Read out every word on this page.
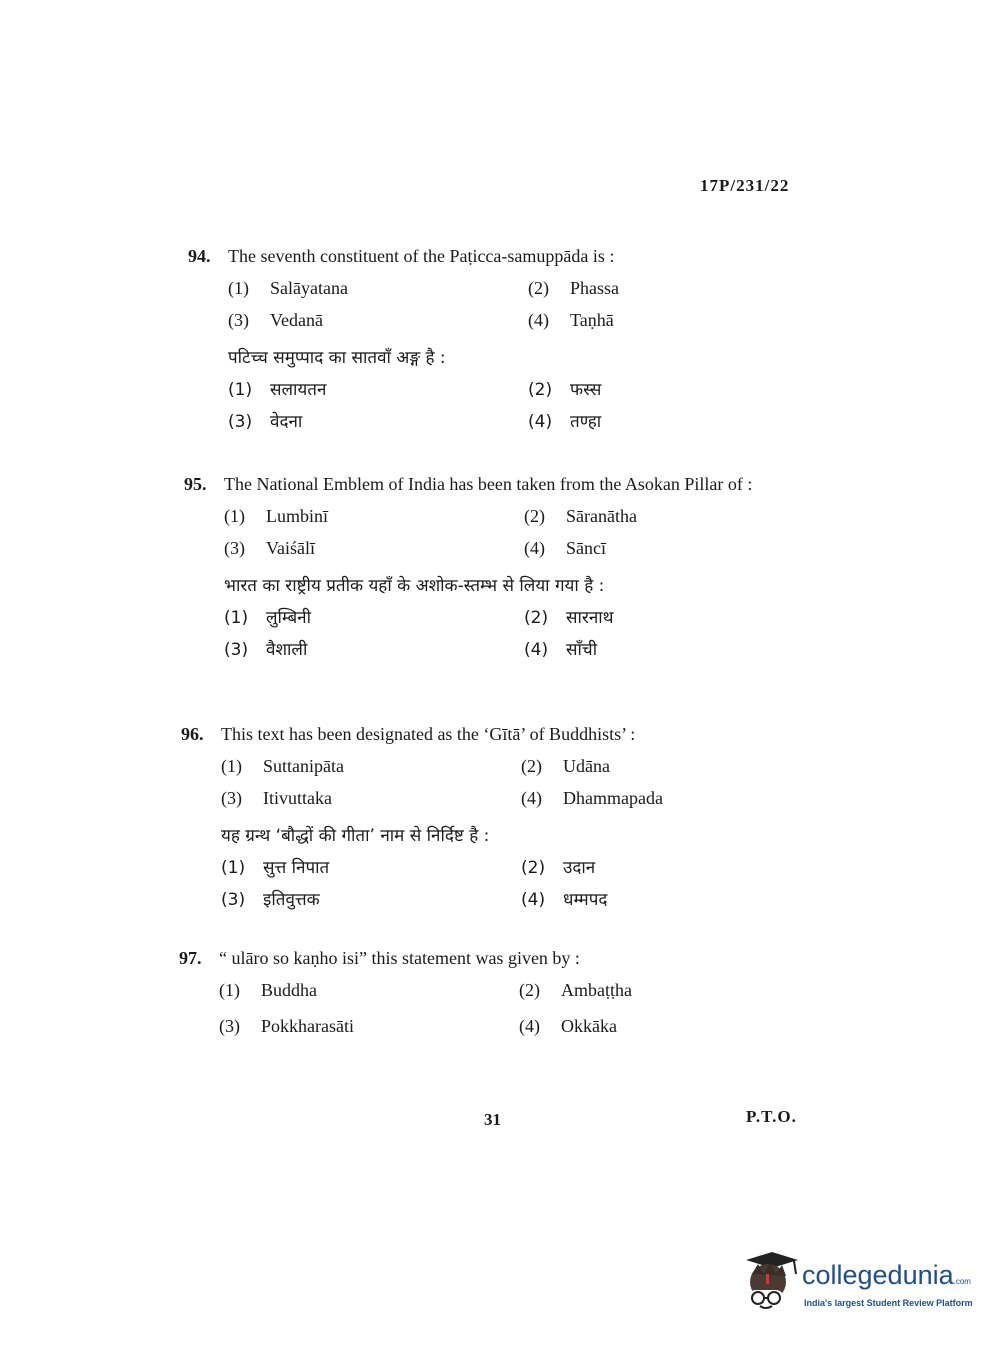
17P/231/22
94. The seventh constituent of the Paṭicca-samuppāda is :
(1)	Salāyatana	(2)	Phassa
(3)	Vedanā	(4)	Taṇhā
पटिच्च समुप्पाद का सातवाँ अङ्ग है :
(1)	सलायतन	(2)	फस्स
(3)	वेदना	(4)	तण्हा
95. The National Emblem of India has been taken from the Asokan Pillar of :
(1)	Lumbinī	(2)	Sāranātha
(3)	Vaiśālī	(4)	Sāncī
भारत का राष्ट्रीय प्रतीक यहाँ के अशोक-स्तम्भ से लिया गया है :
(1)	लुम्बिनी	(2)	सारनाथ
(3)	वैशाली	(4)	साँची
96. This text has been designated as the ‘Gītā’ of Buddhists’ :
(1)	Suttanipāta	(2)	Udāna
(3)	Itivuttaka	(4)	Dhammapada
यह ग्रन्थ ‘बौद्धों की गीता’ नाम से निर्दिष्ट है :
(1)	सुत्त निपात	(2)	उदान
(3)	इतिवुत्तक	(4)	धम्मपद
97. “ ulāro so kaṇho isi” this statement was given by :
(1)	Buddha	(2)	Ambaṭṭha
(3)	Pokkharasāti	(4)	Okkāka
31	P.T.O.
collegedunia.com
India's largest Student Review Platform
